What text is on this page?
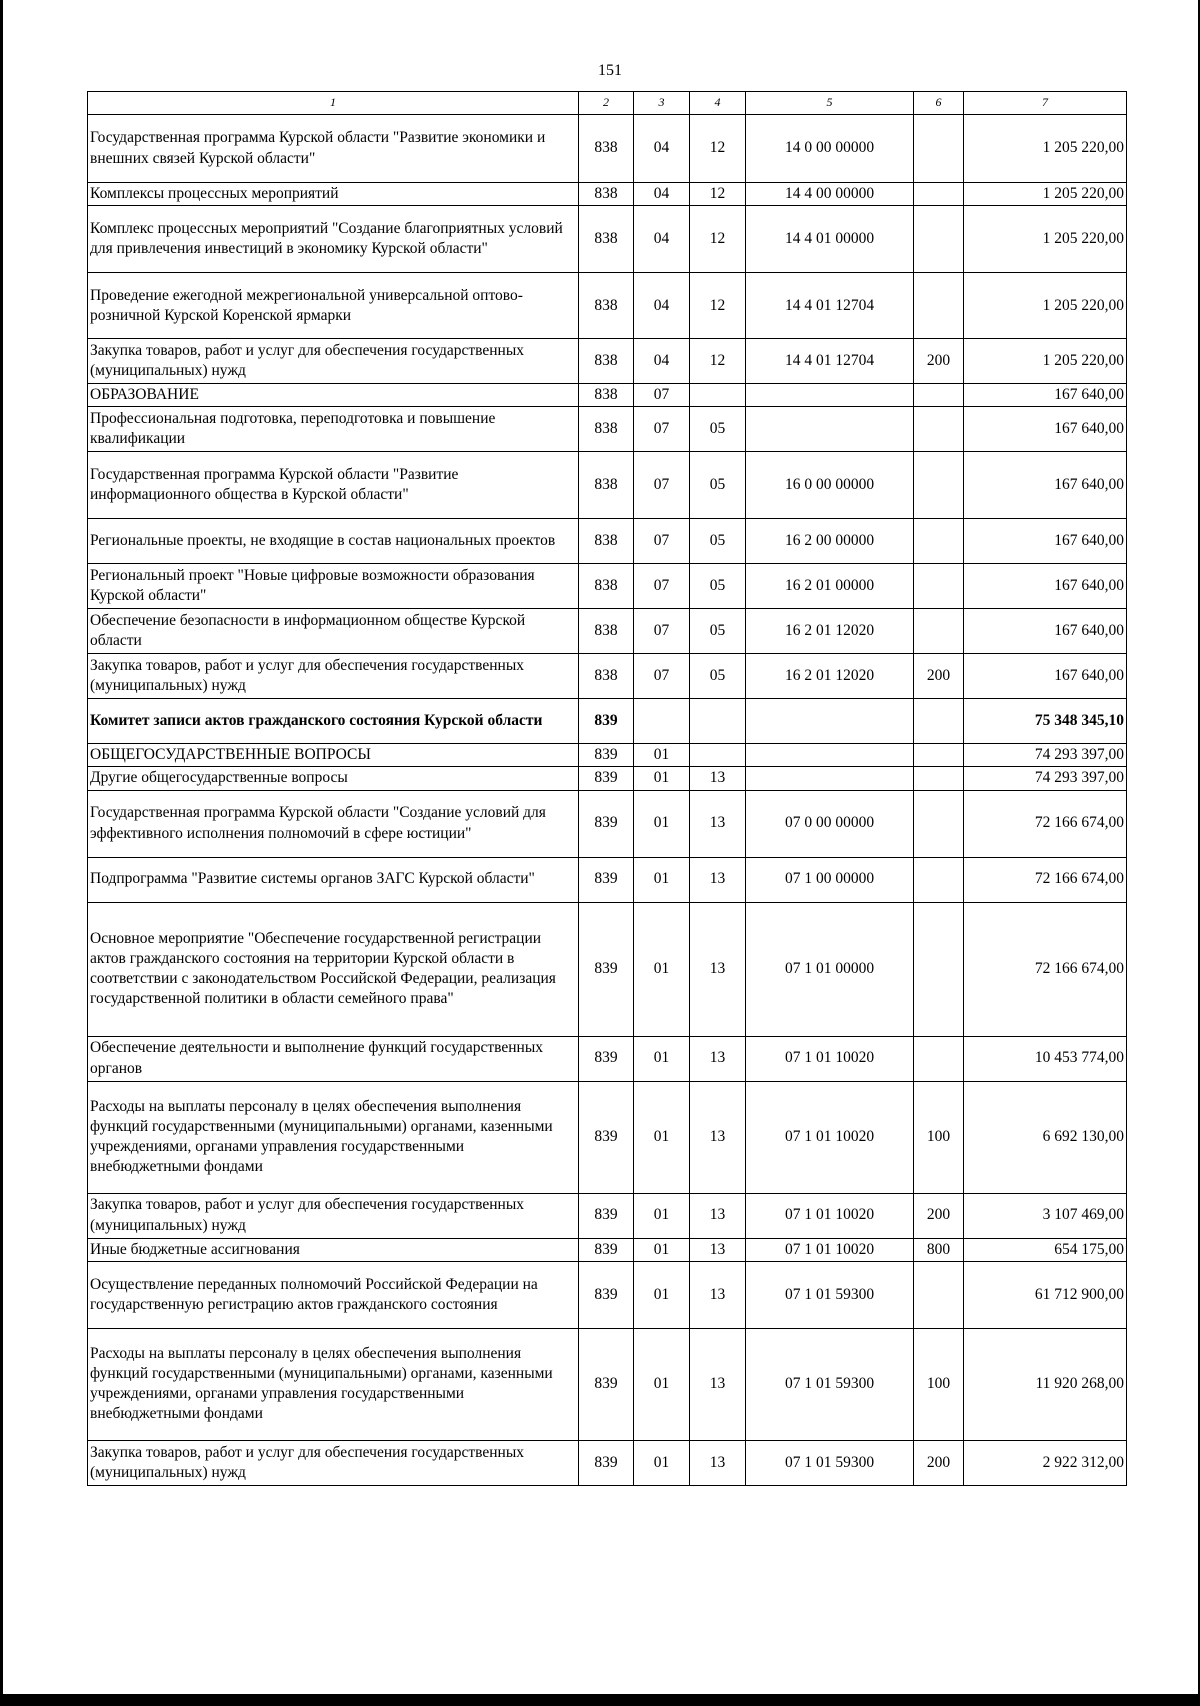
151
1	2	3	4	5	6	7
Государственная программа Курской области "Развитие экономики и внешних связей Курской области"	838	04	12	14 0 00 00000		1 205 220,00
Комплексы процессных мероприятий	838	04	12	14 4 00 00000		1 205 220,00
Комплекс процессных мероприятий "Создание благоприятных условий для привлечения инвестиций в экономику Курской области"	838	04	12	14 4 01 00000		1 205 220,00
Проведение ежегодной межрегиональной универсальной оптово-розничной Курской Коренской ярмарки	838	04	12	14 4 01 12704		1 205 220,00
Закупка товаров, работ и услуг для обеспечения государственных (муниципальных) нужд	838	04	12	14 4 01 12704	200	1 205 220,00
ОБРАЗОВАНИЕ	838	07				167 640,00
Профессиональная подготовка, переподготовка и повышение квалификации	838	07	05			167 640,00
Государственная программа Курской области "Развитие информационного общества в Курской области"	838	07	05	16 0 00 00000		167 640,00
Региональные проекты, не входящие в состав национальных проектов	838	07	05	16 2 00 00000		167 640,00
Региональный проект "Новые цифровые возможности образования Курской области"	838	07	05	16 2 01 00000		167 640,00
Обеспечение безопасности в информационном обществе Курской области	838	07	05	16 2 01 12020		167 640,00
Закупка товаров, работ и услуг для обеспечения государственных (муниципальных) нужд	838	07	05	16 2 01 12020	200	167 640,00
Комитет записи актов гражданского состояния Курской области	839					75 348 345,10
ОБЩЕГОСУДАРСТВЕННЫЕ ВОПРОСЫ	839	01				74 293 397,00
Другие общегосударственные вопросы	839	01	13			74 293 397,00
Государственная программа Курской области "Создание условий для эффективного исполнения полномочий в сфере юстиции"	839	01	13	07 0 00 00000		72 166 674,00
Подпрограмма "Развитие системы органов ЗАГС Курской области"	839	01	13	07 1 00 00000		72 166 674,00
Основное мероприятие "Обеспечение государственной регистрации актов гражданского состояния на территории Курской области в соответствии с законодательством Российской Федерации, реализация государственной политики в области семейного права"	839	01	13	07 1 01 00000		72 166 674,00
Обеспечение деятельности и выполнение функций государственных органов	839	01	13	07 1 01 10020		10 453 774,00
Расходы на выплаты персоналу в целях обеспечения выполнения функций государственными (муниципальными) органами, казенными учреждениями, органами управления государственными внебюджетными фондами	839	01	13	07 1 01 10020	100	6 692 130,00
Закупка товаров, работ и услуг для обеспечения государственных (муниципальных) нужд	839	01	13	07 1 01 10020	200	3 107 469,00
Иные бюджетные ассигнования	839	01	13	07 1 01 10020	800	654 175,00
Осуществление переданных полномочий Российской Федерации на государственную регистрацию актов гражданского состояния	839	01	13	07 1 01 59300		61 712 900,00
Расходы на выплаты персоналу в целях обеспечения выполнения функций государственными (муниципальными) органами, казенными учреждениями, органами управления государственными внебюджетными фондами	839	01	13	07 1 01 59300	100	11 920 268,00
Закупка товаров, работ и услуг для обеспечения государственных (муниципальных) нужд	839	01	13	07 1 01 59300	200	2 922 312,00
